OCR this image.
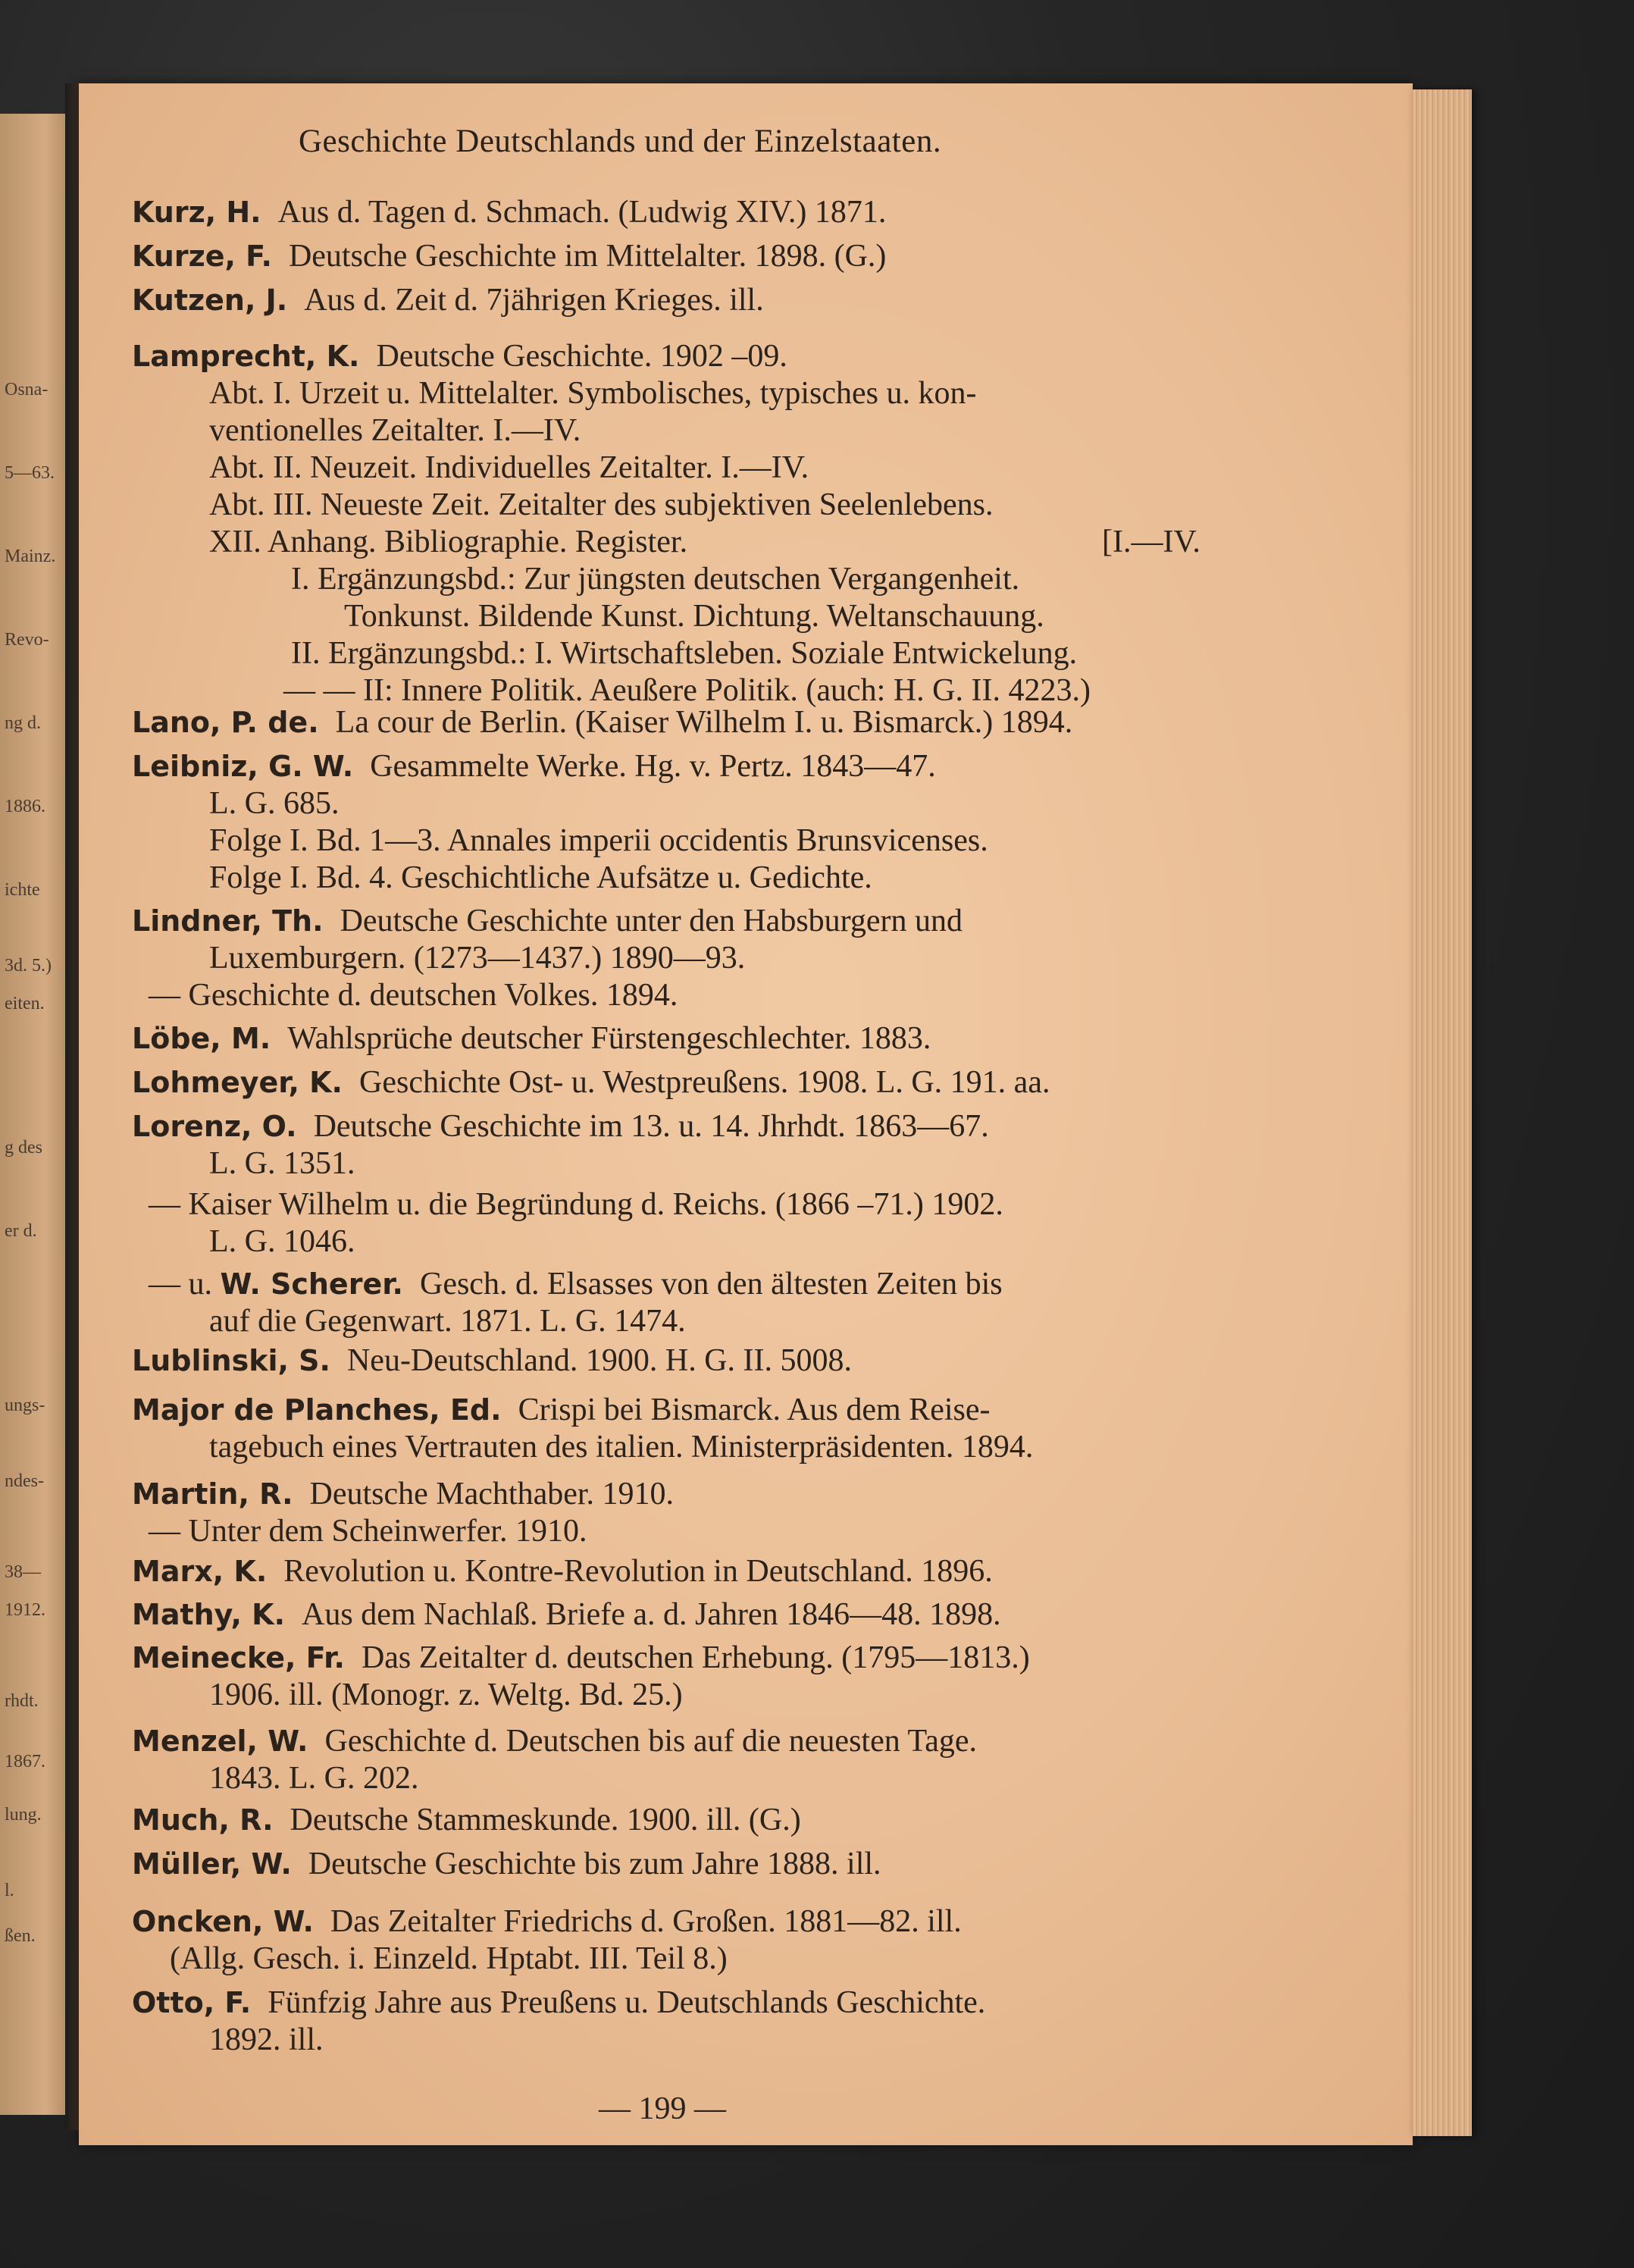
Osna-
5—63.
Mainz.
Revo-
ng d.
1886.
ichte
3d. 5.)
eiten.
g des
er d.
ungs-
ndes-
38—
1912.
rhdt.
1867.
lung.
l.
ßen.
Geschichte Deutschlands und der Einzelstaaten.
Kurz, H. Aus d. Tagen d. Schmach. (Ludwig XIV.) 1871.
Kurze, F. Deutsche Geschichte im Mittelalter. 1898. (G.)
Kutzen, J. Aus d. Zeit d. 7jährigen Krieges. ill.
Lamprecht, K. Deutsche Geschichte. 1902 –09.
Abt. I. Urzeit u. Mittelalter. Symbolisches, typisches u. kon-
ventionelles Zeitalter. I.—IV.
Abt. II. Neuzeit. Individuelles Zeitalter. I.—IV.
Abt. III. Neueste Zeit. Zeitalter des subjektiven Seelenlebens.
XII. Anhang. Bibliographie. Register.	[I.—IV.
I. Ergänzungsbd.: Zur jüngsten deutschen Vergangenheit.
Tonkunst. Bildende Kunst. Dichtung. Weltanschauung.
II. Ergänzungsbd.: I. Wirtschaftsleben. Soziale Entwickelung.
— — II: Innere Politik. Aeußere Politik. (auch: H. G. II. 4223.)
Lano, P. de. La cour de Berlin. (Kaiser Wilhelm I. u. Bismarck.) 1894.
Leibniz, G. W. Gesammelte Werke. Hg. v. Pertz. 1843—47.
L. G. 685.
Folge I. Bd. 1—3. Annales imperii occidentis Brunsvicenses.
Folge I. Bd. 4. Geschichtliche Aufsätze u. Gedichte.
Lindner, Th. Deutsche Geschichte unter den Habsburgern und
Luxemburgern. (1273—1437.) 1890—93.
— Geschichte d. deutschen Volkes. 1894.
Löbe, M. Wahlsprüche deutscher Fürstengeschlechter. 1883.
Lohmeyer, K. Geschichte Ost- u. Westpreußens. 1908. L. G. 191. aa.
Lorenz, O. Deutsche Geschichte im 13. u. 14. Jhrhdt. 1863—67.
L. G. 1351.
— Kaiser Wilhelm u. die Begründung d. Reichs. (1866 –71.) 1902.
L. G. 1046.
— u. W. Scherer. Gesch. d. Elsasses von den ältesten Zeiten bis
auf die Gegenwart. 1871. L. G. 1474.
Lublinski, S. Neu-Deutschland. 1900. H. G. II. 5008.
Major de Planches, Ed. Crispi bei Bismarck. Aus dem Reise-
tagebuch eines Vertrauten des italien. Ministerpräsidenten. 1894.
Martin, R. Deutsche Machthaber. 1910.
— Unter dem Scheinwerfer. 1910.
Marx, K. Revolution u. Kontre-Revolution in Deutschland. 1896.
Mathy, K. Aus dem Nachlaß. Briefe a. d. Jahren 1846—48. 1898.
Meinecke, Fr. Das Zeitalter d. deutschen Erhebung. (1795—1813.)
1906. ill. (Monogr. z. Weltg. Bd. 25.)
Menzel, W. Geschichte d. Deutschen bis auf die neuesten Tage.
1843. L. G. 202.
Much, R. Deutsche Stammeskunde. 1900. ill. (G.)
Müller, W. Deutsche Geschichte bis zum Jahre 1888. ill.
Oncken, W. Das Zeitalter Friedrichs d. Großen. 1881—82. ill.
(Allg. Gesch. i. Einzeld. Hptabt. III. Teil 8.)
Otto, F. Fünfzig Jahre aus Preußens u. Deutschlands Geschichte.
1892. ill.
— 199 —
